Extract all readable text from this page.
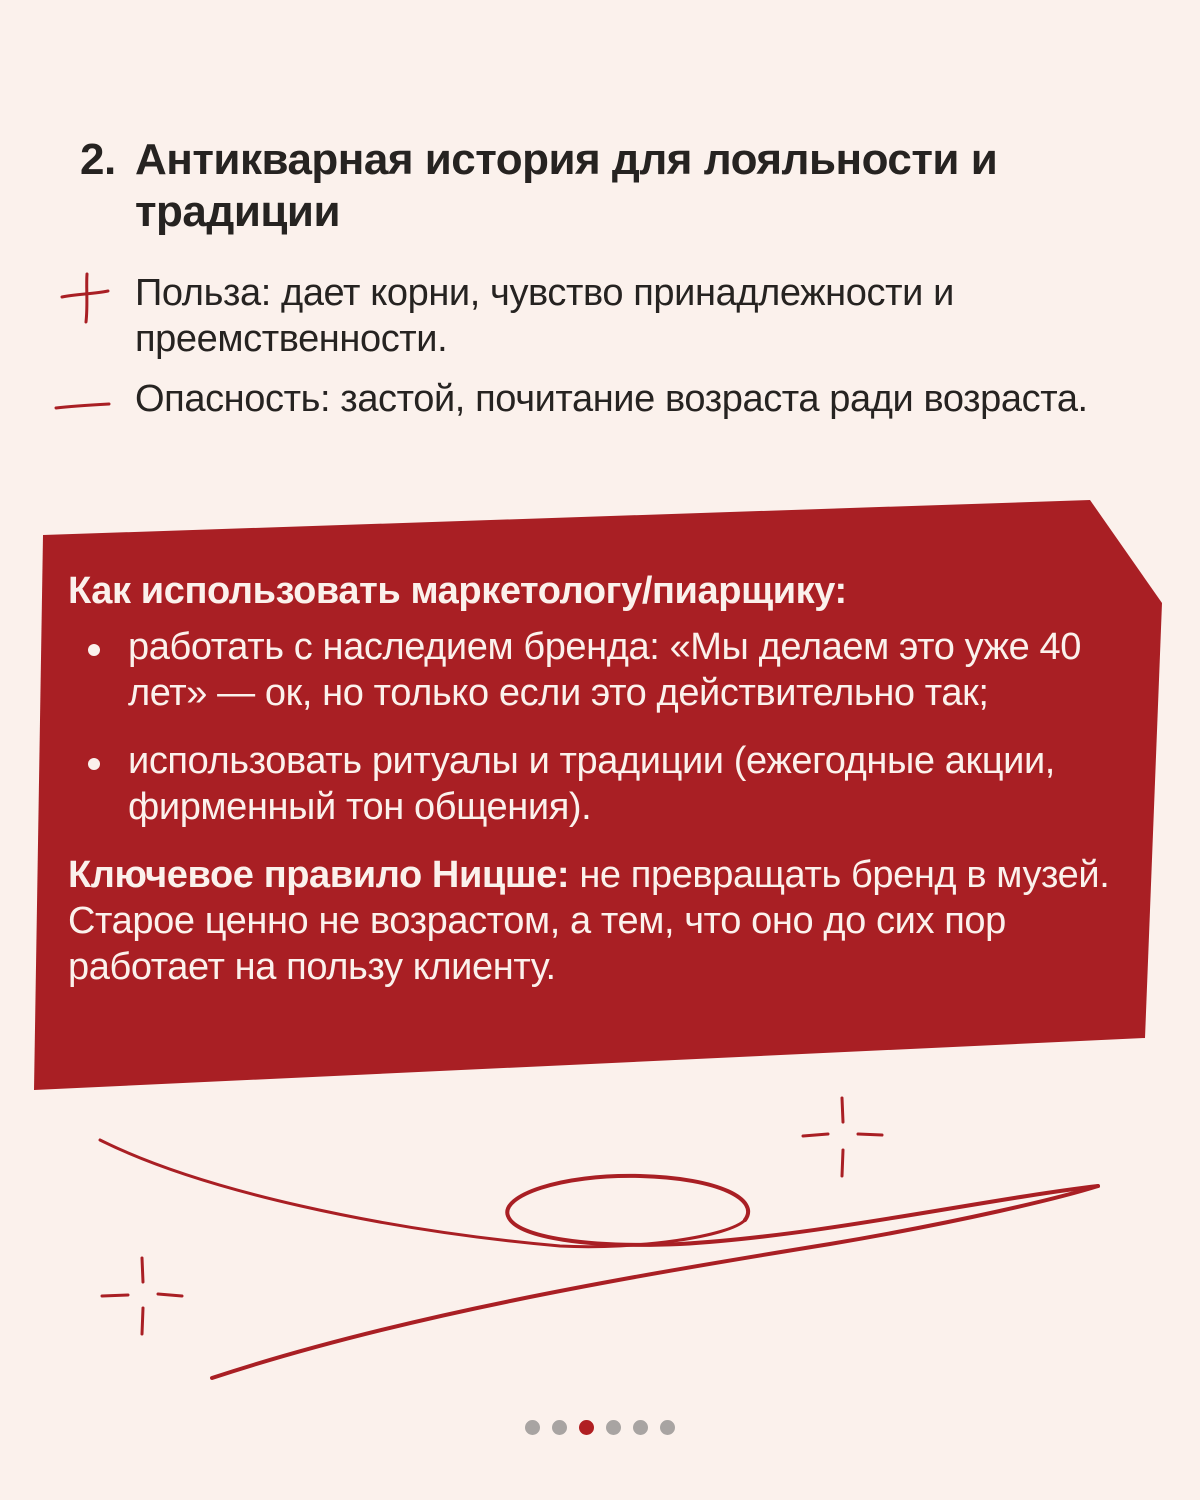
2. Антикварная история для лояльности и традиции
Польза: дает корни, чувство принадлежности и преемственности.
Опасность: застой, почитание возраста ради возраста.
Как использовать маркетологу/пиарщику:
работать с наследием бренда: «Мы делаем это уже 40 лет» — ок, но только если это действительно так;
использовать ритуалы и традиции (ежегодные акции, фирменный тон общения).
Ключевое правило Ницше: не превращать бренд в музей. Старое ценно не возрастом, а тем, что оно до сих пор работает на пользу клиенту.
